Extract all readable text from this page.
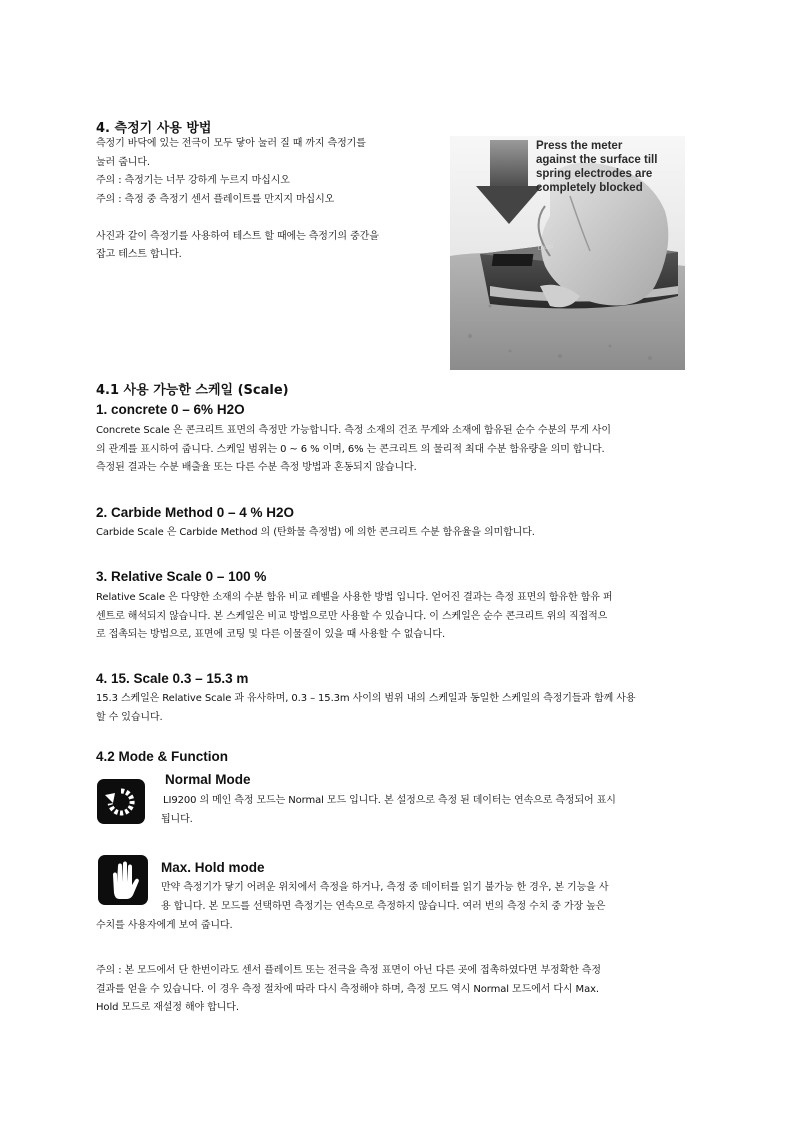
4. 측정기 사용 방법
측정기 바닥에 있는 전극이 모두 닿아 눌러 질 때 까지 측정기를
눌러 줍니다.
주의 : 측정기는 너무 강하게 누르지 마십시오
주의 : 측정 중 측정기 센서 플레이트를 만지지 마십시오
사진과 같이 측정기를 사용하여 테스트 할 때에는 측정기의 중간을
잡고 테스트 합니다.
Press the meter
against the surface till
spring electrodes are
completely blocked
LI9200
4.1 사용 가능한 스케일 (Scale)
1. concrete 0 – 6% H2O
Concrete Scale 은 콘크리트 표면의 측정만 가능합니다. 측정 소재의 건조 무게와 소재에 함유된 순수 수분의 무게 사이
의 관계를 표시하여 줍니다. 스케일 범위는 0 ~ 6 % 이며, 6% 는 콘크리트 의 물리적 최대 수분 함유량을 의미 합니다.
측정된 결과는 수분 배출율 또는 다른 수분 측정 방법과 혼동되지 않습니다.
2. Carbide Method 0 – 4 % H2O
Carbide Scale 은 Carbide Method 의 (탄화물 측정법) 에 의한 콘크리트 수분 함유율을 의미합니다.
3. Relative Scale 0 – 100 %
Relative Scale 은 다양한 소재의 수분 함유 비교 레벨을 사용한 방법 입니다. 얻어진 결과는 측정 표면의 함유한 함유 퍼
센트로 해석되지 않습니다. 본 스케일은 비교 방법으로만 사용할 수 있습니다. 이 스케일은 순수 콘크리트 위의 직접적으
로 접촉되는 방법으로, 표면에 코팅 및 다른 이물질이 있을 때 사용할 수 없습니다.
4. 15. Scale 0.3 – 15.3 m
15.3 스케일은 Relative Scale 과 유사하며, 0.3 – 15.3m 사이의 범위 내의 스케일과 동일한 스케일의 측정기들과 함께 사용
할 수 있습니다.
4.2 Mode & Function
Normal Mode
LI9200 의 메인 측정 모드는 Normal 모드 입니다. 본 설정으로 측정 된 데이터는 연속으로 측정되어 표시
됩니다.
Max. Hold mode
만약 측정기가 닿기 어려운 위치에서 측정을 하거나, 측정 중 데이터를 읽기 불가능 한 경우, 본 기능을 사
용 합니다. 본 모드를 선택하면 측정기는 연속으로 측정하지 않습니다. 여러 번의 측정 수치 중 가장 높은
수치를 사용자에게 보여 줍니다.
주의 : 본 모드에서 단 한번이라도 센서 플레이트 또는 전극을 측정 표면이 아닌 다른 곳에 접촉하였다면 부정확한 측정
결과를 얻을 수 있습니다. 이 경우 측정 절차에 따라 다시 측정해야 하며, 측정 모드 역시 Normal 모드에서 다시 Max.
Hold 모드로 재설정 해야 합니다.
